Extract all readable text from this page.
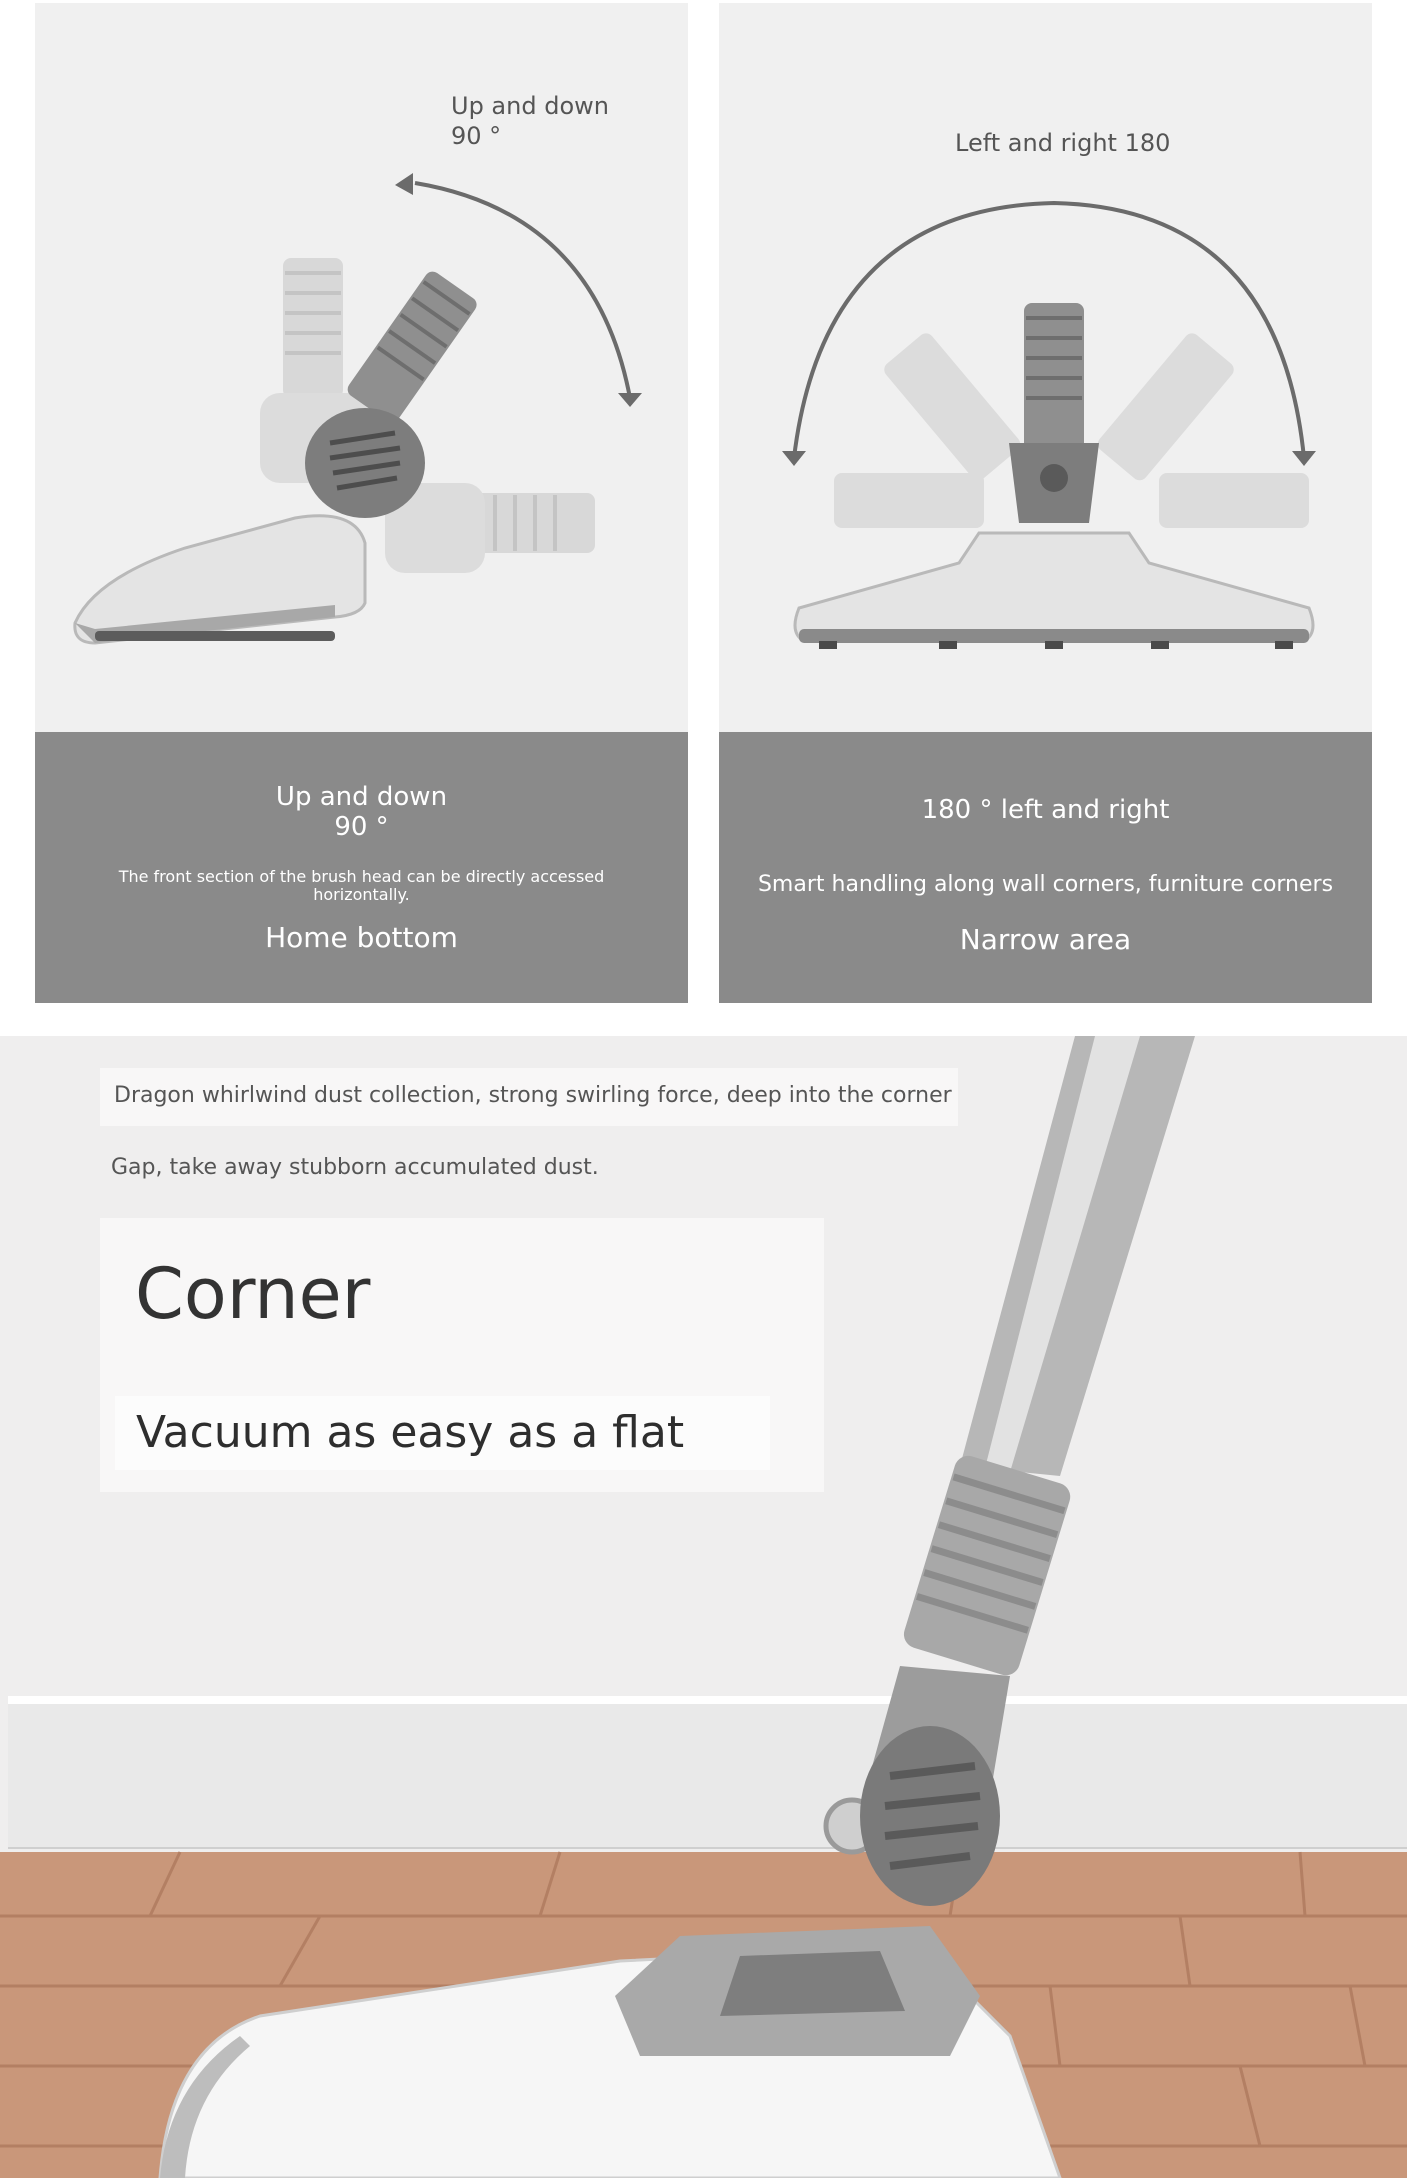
Up and down
90 °
Up and down
90 °
The front section of the brush head can be directly accessed
horizontally.
Home bottom
Left and right 180
180 ° left and right
Smart handling along wall corners, furniture corners
Narrow area
Dragon whirlwind dust collection, strong swirling force, deep into the corner
Gap, take away stubborn accumulated dust.
Corner
Vacuum as easy as a flat
